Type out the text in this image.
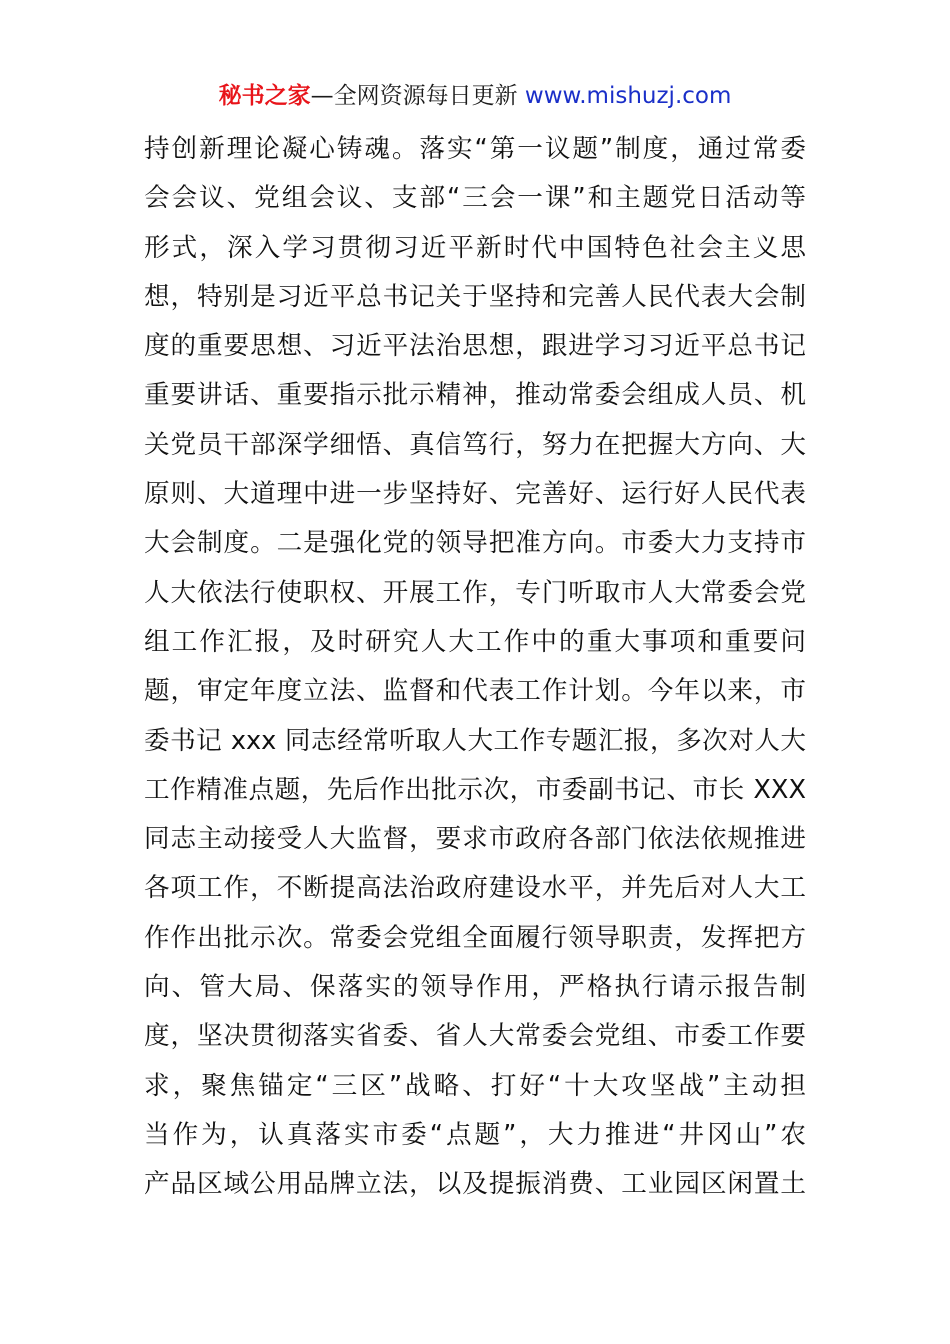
秘书之家—全网资源每日更新 www.mishuzj.com
持创新理论凝心铸魂。落实“第一议题”制度，通过常委
会会议、党组会议、支部“三会一课”和主题党日活动等
形式，深入学习贯彻习近平新时代中国特色社会主义思
想，特别是习近平总书记关于坚持和完善人民代表大会制
度的重要思想、习近平法治思想，跟进学习习近平总书记
重要讲话、重要指示批示精神，推动常委会组成人员、机
关党员干部深学细悟、真信笃行，努力在把握大方向、大
原则、大道理中进一步坚持好、完善好、运行好人民代表
大会制度。二是强化党的领导把准方向。市委大力支持市
人大依法行使职权、开展工作，专门听取市人大常委会党
组工作汇报，及时研究人大工作中的重大事项和重要问
题，审定年度立法、监督和代表工作计划。今年以来，市
委书记 xxx 同志经常听取人大工作专题汇报，多次对人大
工作精准点题，先后作出批示次，市委副书记、市长 XXX
同志主动接受人大监督，要求市政府各部门依法依规推进
各项工作，不断提高法治政府建设水平，并先后对人大工
作作出批示次。常委会党组全面履行领导职责，发挥把方
向、管大局、保落实的领导作用，严格执行请示报告制
度，坚决贯彻落实省委、省人大常委会党组、市委工作要
求，聚焦锚定“三区”战略、打好“十大攻坚战”主动担
当作为，认真落实市委“点题”，大力推进“井冈山”农
产品区域公用品牌立法，以及提振消费、工业园区闲置土
